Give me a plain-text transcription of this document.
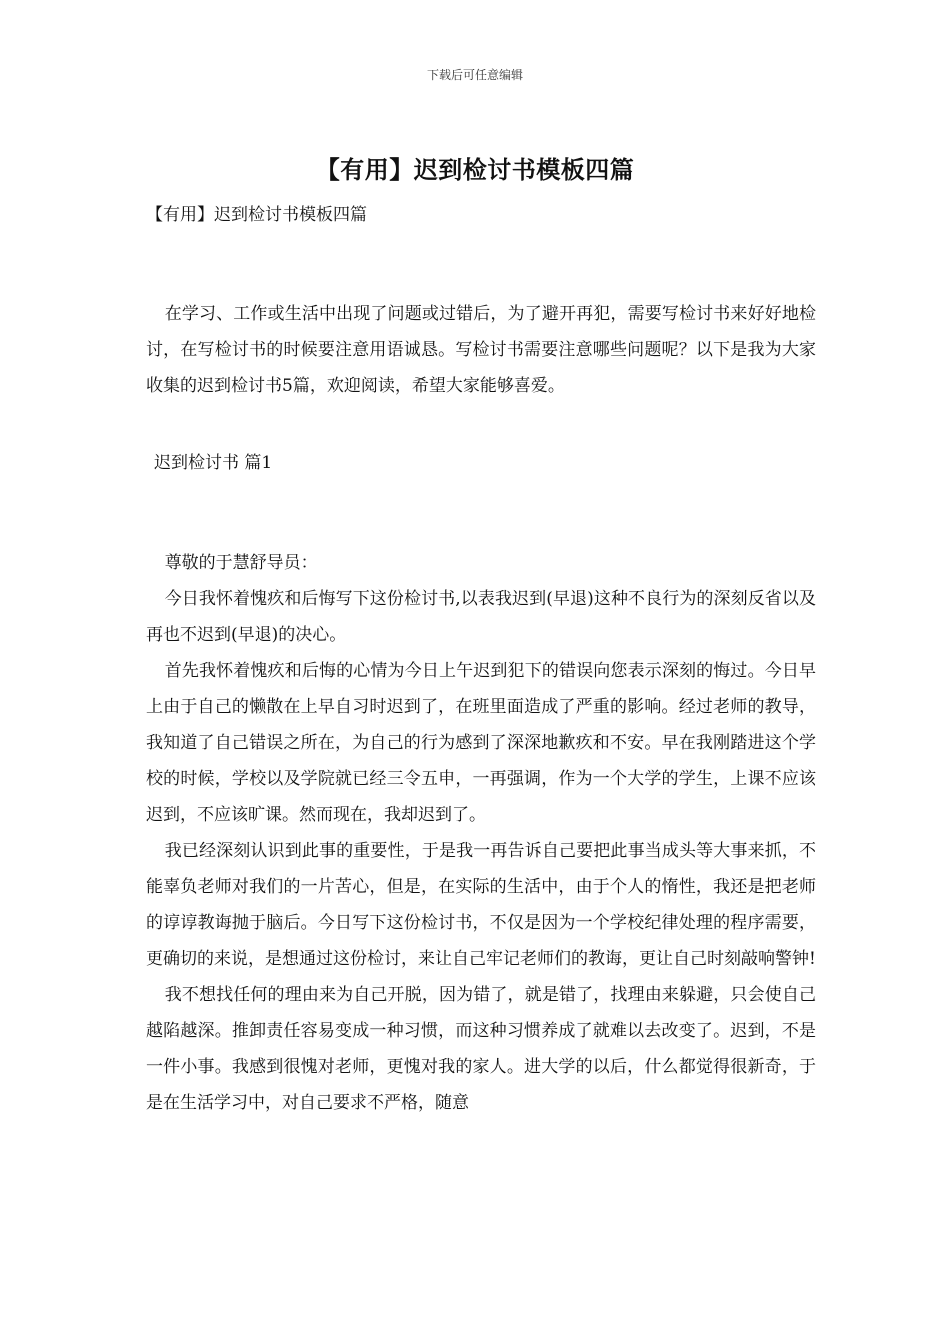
下载后可任意编辑
【有用】迟到检讨书模板四篇
【有用】迟到检讨书模板四篇

在学习、工作或生活中出现了问题或过错后，为了避开再犯，需要写检讨书来好好地检讨，在写检讨书的时候要注意用语诚恳。写检讨书需要注意哪些问题呢？以下是我为大家收集的迟到检讨书5篇，欢迎阅读，希望大家能够喜爱。

迟到检讨书 篇1

尊敬的于慧舒导员：

今日我怀着愧疚和后悔写下这份检讨书,以表我迟到(早退)这种不良行为的深刻反省以及再也不迟到(早退)的决心。

首先我怀着愧疚和后悔的心情为今日上午迟到犯下的错误向您表示深刻的悔过。今日早上由于自己的懒散在上早自习时迟到了，在班里面造成了严重的影响。经过老师的教导，我知道了自己错误之所在，为自己的行为感到了深深地歉疚和不安。早在我刚踏进这个学校的时候，学校以及学院就已经三令五申，一再强调，作为一个大学的学生，上课不应该迟到，不应该旷课。然而现在，我却迟到了。

我已经深刻认识到此事的重要性，于是我一再告诉自己要把此事当成头等大事来抓，不能辜负老师对我们的一片苦心，但是，在实际的生活中，由于个人的惰性，我还是把老师的谆谆教诲抛于脑后。今日写下这份检讨书，不仅是因为一个学校纪律处理的程序需要，更确切的来说，是想通过这份检讨，来让自己牢记老师们的教诲，更让自己时刻敲响警钟!

我不想找任何的理由来为自己开脱，因为错了，就是错了，找理由来躲避，只会使自己越陷越深。推卸责任容易变成一种习惯，而这种习惯养成了就难以去改变了。迟到，不是一件小事。我感到很愧对老师，更愧对我的家人。进大学的以后，什么都觉得很新奇，于是在生活学习中，对自己要求不严格，随意
